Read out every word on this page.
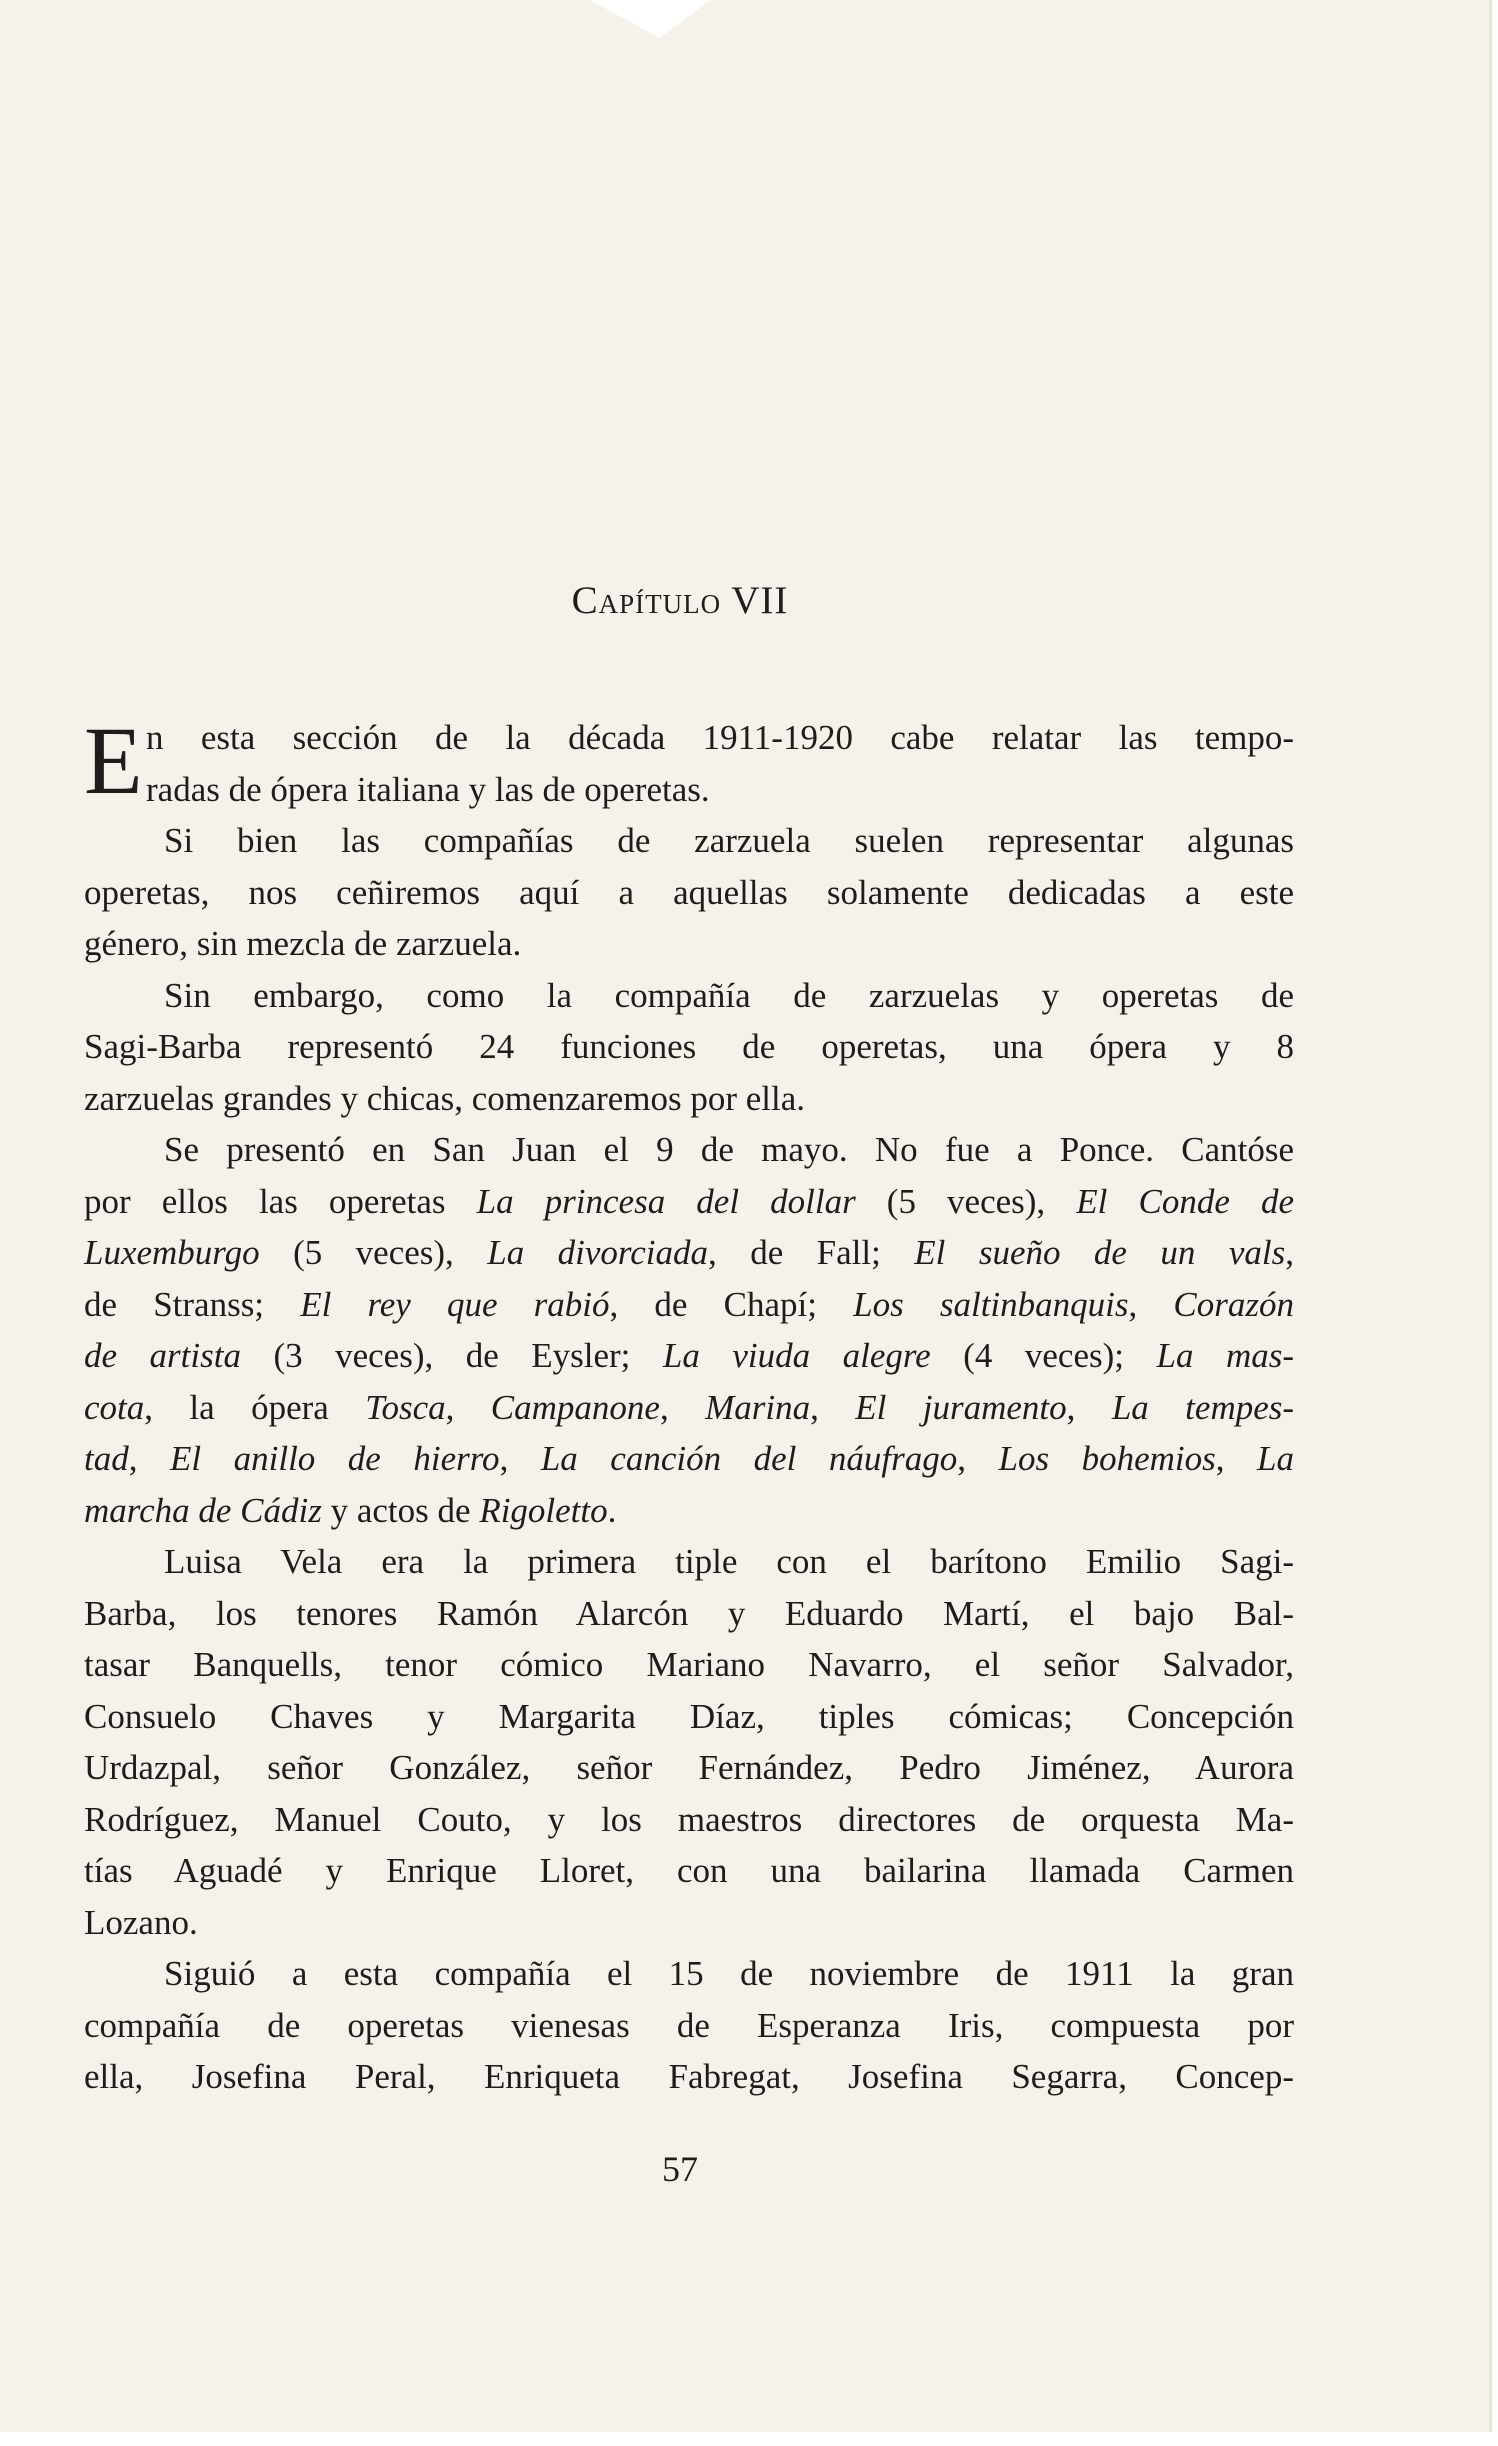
Capítulo VII
E n esta sección de la década 1911-1920 cabe relatar las tempo-
radas de ópera italiana y las de operetas.
Si bien las compañías de zarzuela suelen representar algunas
operetas, nos ceñiremos aquí a aquellas solamente dedicadas a este
género, sin mezcla de zarzuela.
Sin embargo, como la compañía de zarzuelas y operetas de
Sagi-Barba representó 24 funciones de operetas, una ópera y 8
zarzuelas grandes y chicas, comenzaremos por ella.
Se presentó en San Juan el 9 de mayo. No fue a Ponce. Cantóse
por ellos las operetas La princesa del dollar (5 veces), El Conde de
Luxemburgo (5 veces), La divorciada, de Fall; El sueño de un vals,
de Stranss; El rey que rabió, de Chapí; Los saltinbanquis, Corazón
de artista (3 veces), de Eysler; La viuda alegre (4 veces); La mas-
cota, la ópera Tosca, Campanone, Marina, El juramento, La tempes-
tad, El anillo de hierro, La canción del náufrago, Los bohemios, La
marcha de Cádiz y actos de Rigoletto.
Luisa Vela era la primera tiple con el barítono Emilio Sagi-
Barba, los tenores Ramón Alarcón y Eduardo Martí, el bajo Bal-
tasar Banquells, tenor cómico Mariano Navarro, el señor Salvador,
Consuelo Chaves y Margarita Díaz, tiples cómicas; Concepción
Urdazpal, señor González, señor Fernández, Pedro Jiménez, Aurora
Rodríguez, Manuel Couto, y los maestros directores de orquesta Ma-
tías Aguadé y Enrique Lloret, con una bailarina llamada Carmen
Lozano.
Siguió a esta compañía el 15 de noviembre de 1911 la gran
compañía de operetas vienesas de Esperanza Iris, compuesta por
ella, Josefina Peral, Enriqueta Fabregat, Josefina Segarra, Concep-
57
